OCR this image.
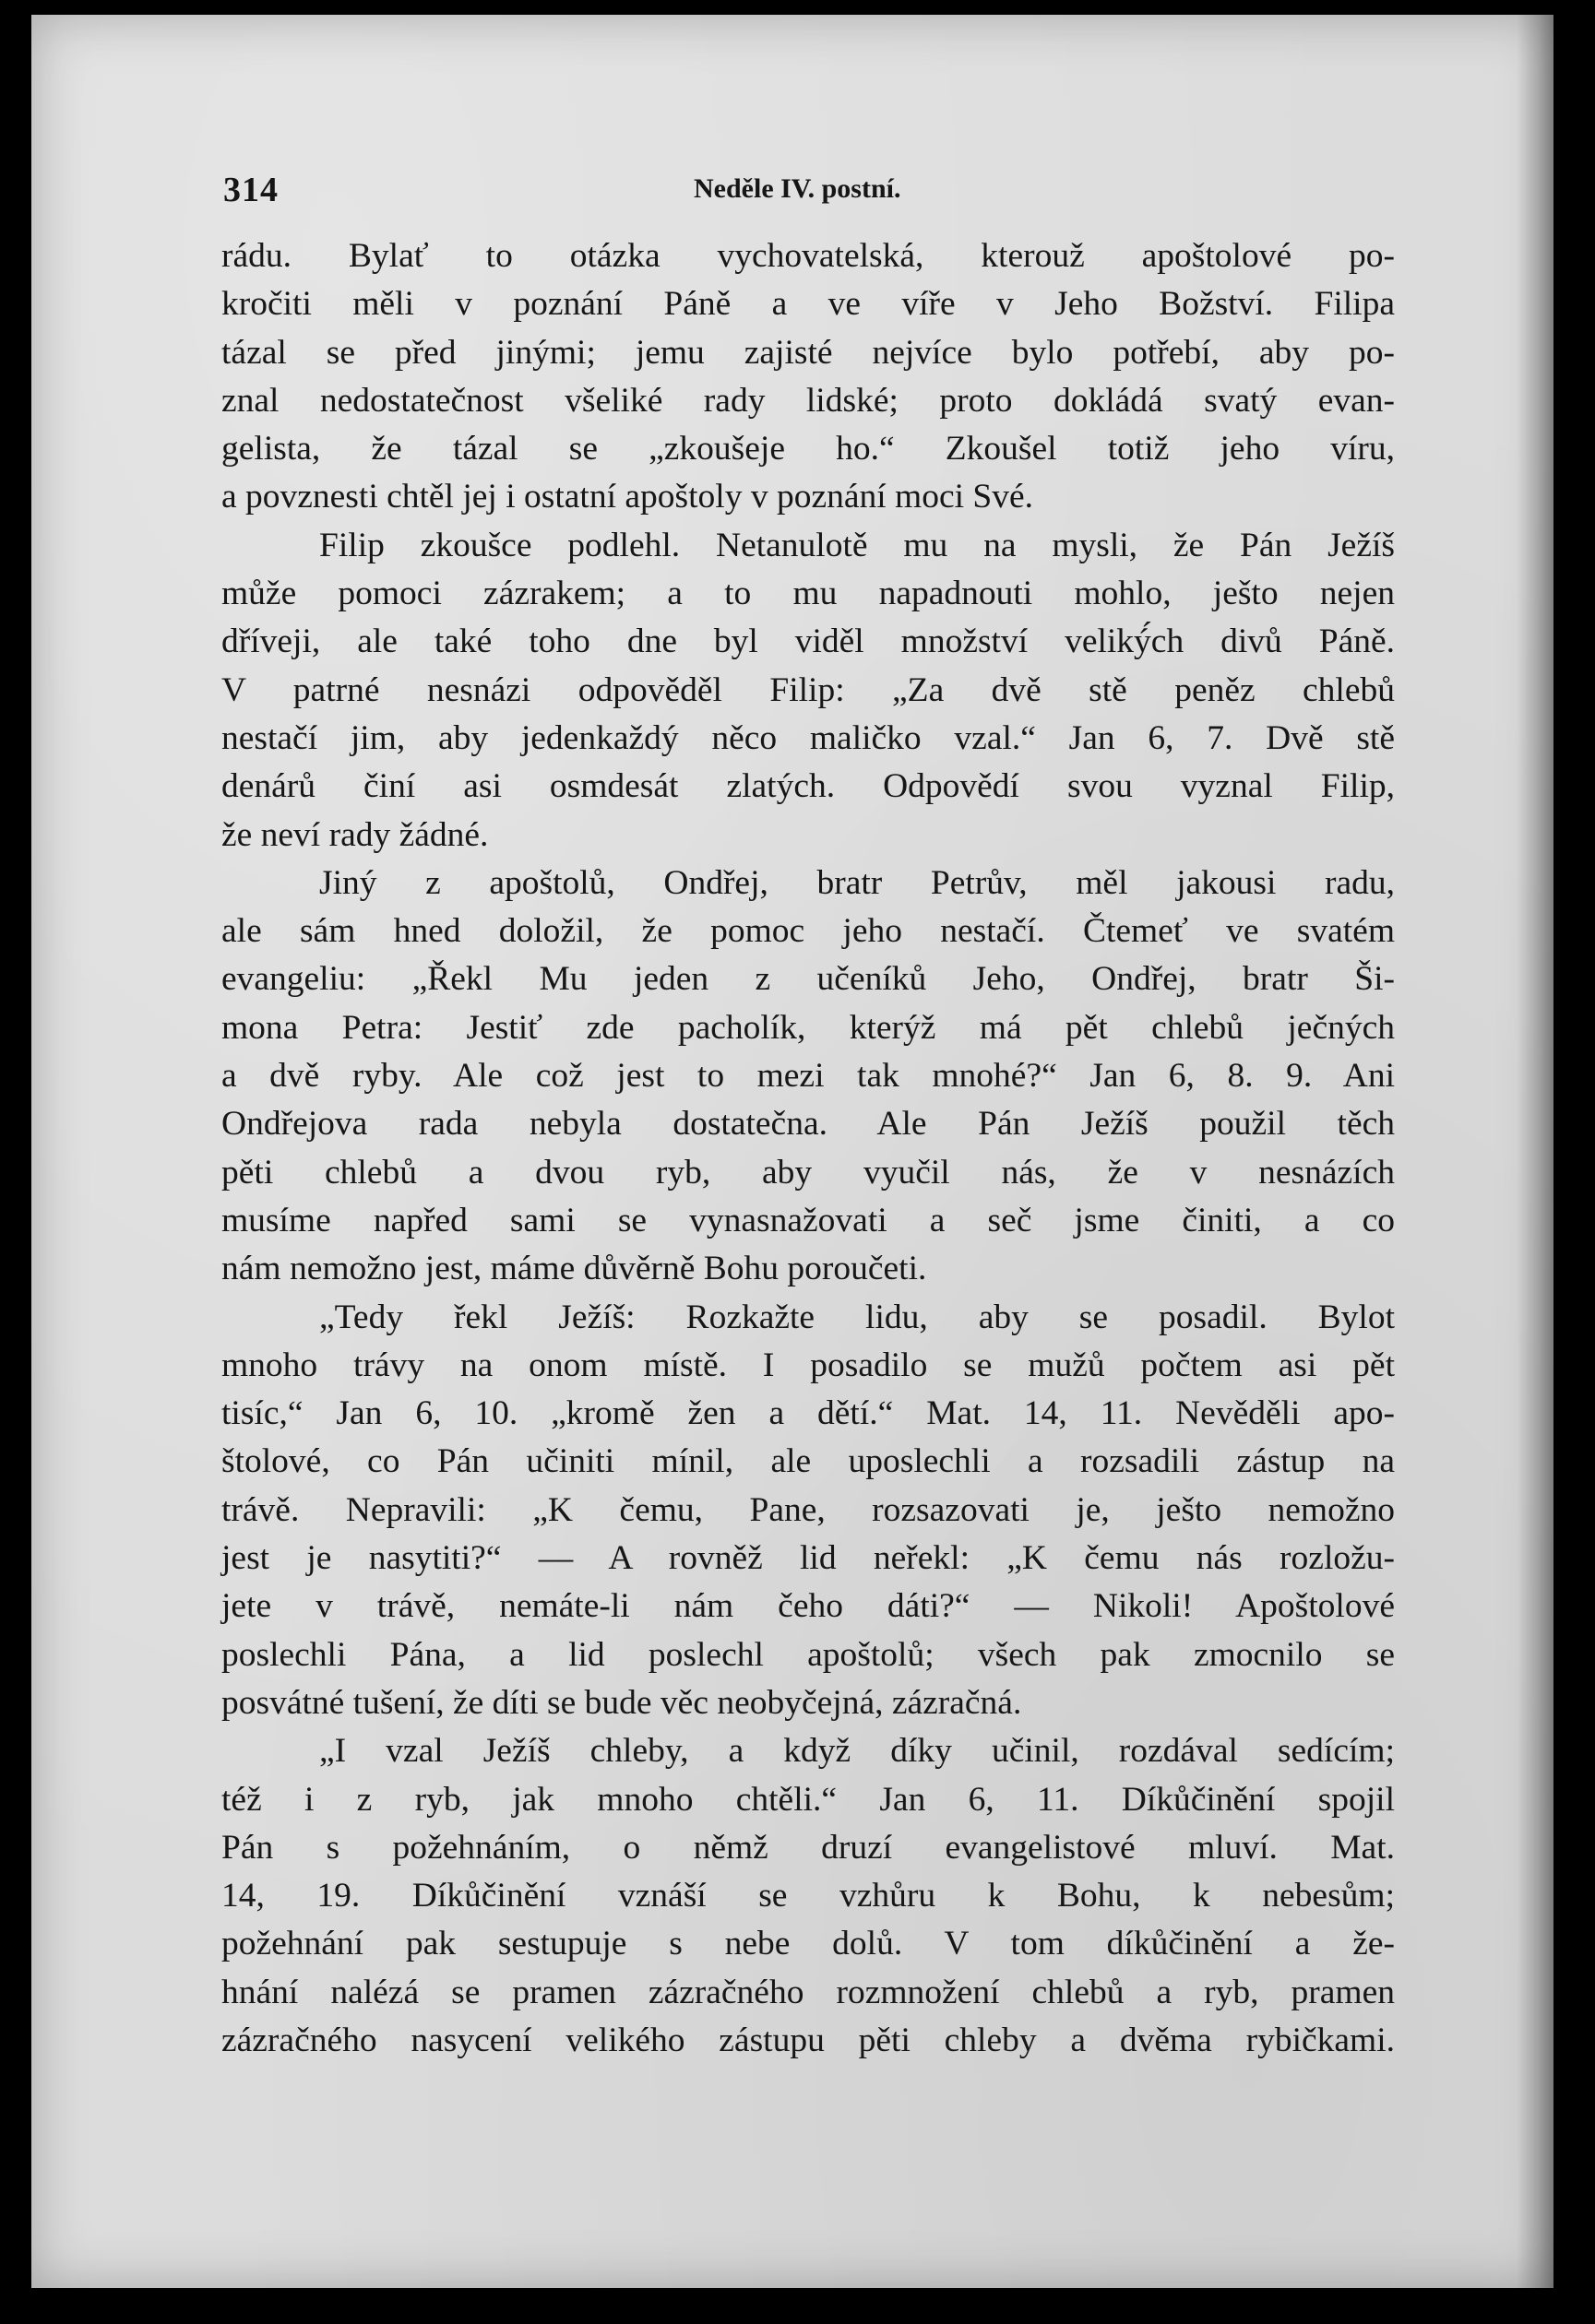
314	Neděle IV. postní.
rádu. Bylať to otázka vychovatelská, kterouž apoštolové po-
kročiti měli v poznání Páně a ve víře v Jeho Božství. Filipa
tázal se před jinými; jemu zajisté nejvíce bylo potřebí, aby po-
znal nedostatečnost všeliké rady lidské; proto dokládá svatý evan-
gelista, že tázal se „zkoušeje ho.“ Zkoušel totiž jeho víru,
a povznesti chtěl jej i ostatní apoštoly v poznání moci Své.
Filip zkoušce podlehl. Netanulotě mu na mysli, že Pán Ježíš
může pomoci zázrakem; a to mu napadnouti mohlo, ješto nejen
dříveji, ale také toho dne byl viděl množství veliký́ch divů Páně.
V patrné nesnázi odpověděl Filip: „Za dvě stě peněz chlebů
nestačí jim, aby jedenkaždý něco maličko vzal.“ Jan 6, 7. Dvě stě
denárů činí asi osmdesát zlatých. Odpovědí svou vyznal Filip,
že neví rady žádné.
Jiný z apoštolů, Ondřej, bratr Petrův, měl jakousi radu,
ale sám hned doložil, že pomoc jeho nestačí. Čtemeť ve svatém
evangeliu: „Řekl Mu jeden z učeníků Jeho, Ondřej, bratr Ši-
mona Petra: Jestiť zde pacholík, kterýž má pět chlebů ječných
a dvě ryby. Ale což jest to mezi tak mnohé?“ Jan 6, 8. 9. Ani
Ondřejova rada nebyla dostatečna. Ale Pán Ježíš použil těch
pěti chlebů a dvou ryb, aby vyučil nás, že v nesnázích
musíme napřed sami se vynasnažovati a seč jsme činiti, a co
nám nemožno jest, máme důvěrně Bohu poroučeti.
„Tedy řekl Ježíš: Rozkažte lidu, aby se posadil. Bylot
mnoho trávy na onom místě. I posadilo se mužů počtem asi pět
tisíc,“ Jan 6, 10. „kromě žen a dětí.“ Mat. 14, 11. Nevěděli apo-
štolové, co Pán učiniti mínil, ale uposlechli a rozsadili zástup na
trávě. Nepravili: „K čemu, Pane, rozsazovati je, ješto nemožno
jest je nasytiti?“ — A rovněž lid neřekl: „K čemu nás rozložu-
jete v trávě, nemáte-li nám čeho dáti?“ — Nikoli! Apoštolové
poslechli Pána, a lid poslechl apoštolů; všech pak zmocnilo se
posvátné tušení, že díti se bude věc neobyčejná, zázračná.
„I vzal Ježíš chleby, a když díky učinil, rozdával sedícím;
též i z ryb, jak mnoho chtěli.“ Jan 6, 11. Díkůčinění spojil
Pán s požehnáním, o němž druzí evangelistové mluví. Mat.
14, 19. Díkůčinění vznáší se vzhůru k Bohu, k nebesům;
požehnání pak sestupuje s nebe dolů. V tom díkůčinění a že-
hnání nalézá se pramen zázračného rozmnožení chlebů a ryb, pramen
zázračného nasycení velikého zástupu pěti chleby a dvěma rybičkami.
